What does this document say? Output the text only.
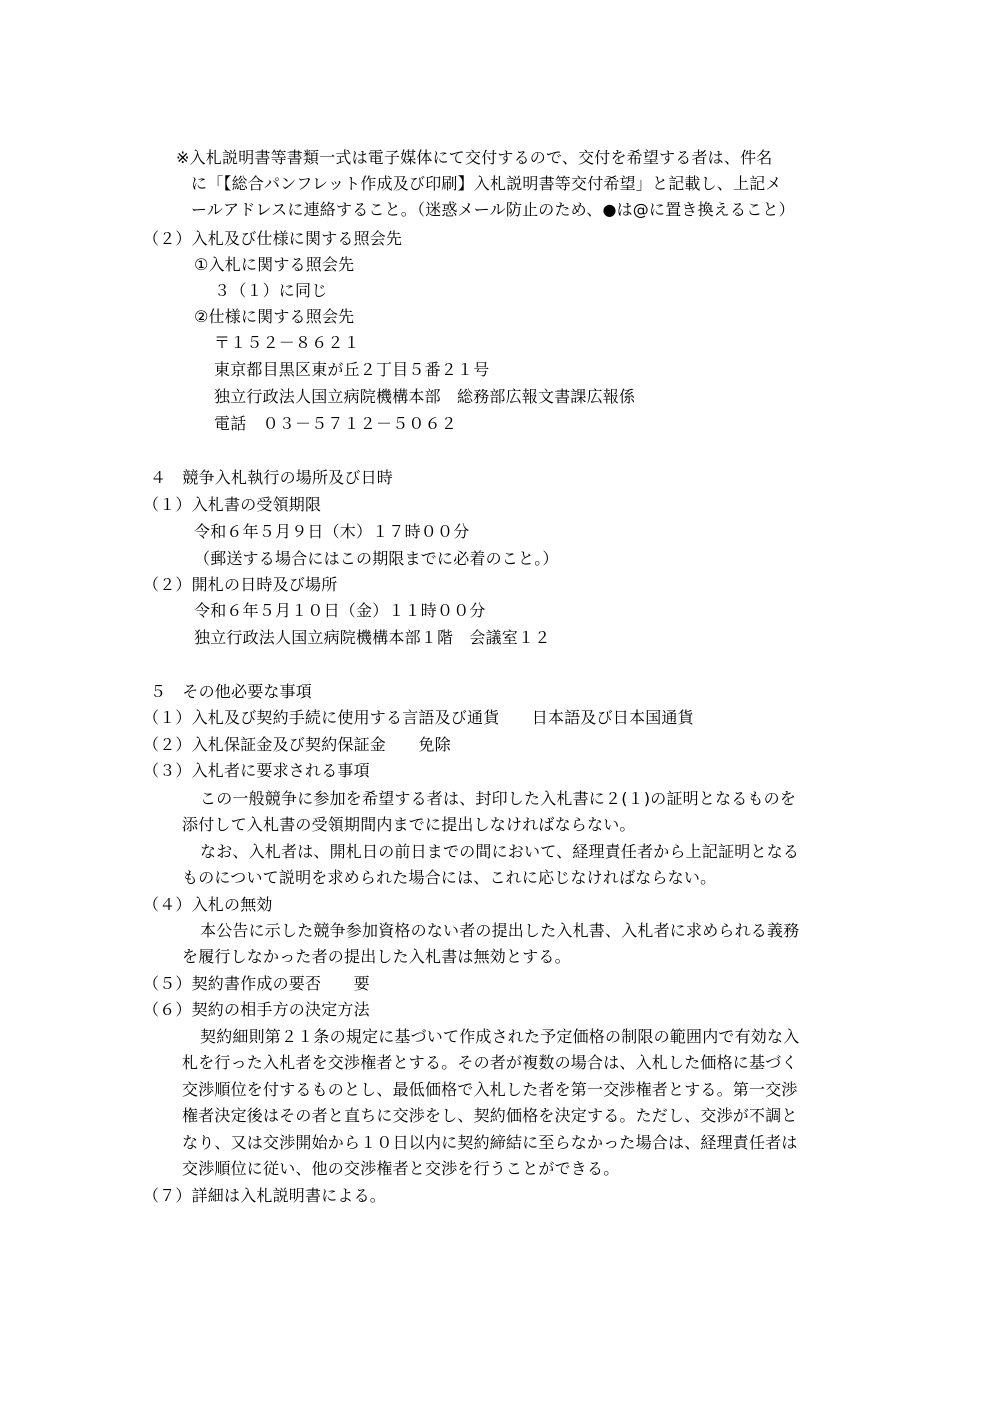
※入札説明書等書類一式は電子媒体にて交付するので、交付を希望する者は、件名
に「【総合パンフレット作成及び印刷】入札説明書等交付希望」と記載し、上記メ
ールアドレスに連絡すること。（迷惑メール防止のため、●は@に置き換えること）
（２）入札及び仕様に関する照会先
①入札に関する照会先
３（１）に同じ
②仕様に関する照会先
〒１５２－８６２１
東京都目黒区東が丘２丁目５番２１号
独立行政法人国立病院機構本部　総務部広報文書課広報係
電話　０３－５７１２－５０６２
４　競争入札執行の場所及び日時
（１）入札書の受領期限
令和６年５月９日（木）１７時００分
（郵送する場合にはこの期限までに必着のこと。）
（２）開札の日時及び場所
令和６年５月１０日（金）１１時００分
独立行政法人国立病院機構本部１階　会議室１２
５　その他必要な事項
（１）入札及び契約手続に使用する言語及び通貨　　日本語及び日本国通貨
（２）入札保証金及び契約保証金　　免除
（３）入札者に要求される事項
この一般競争に参加を希望する者は、封印した入札書に２(１)の証明となるものを
添付して入札書の受領期間内までに提出しなければならない。
なお、入札者は、開札日の前日までの間において、経理責任者から上記証明となる
ものについて説明を求められた場合には、これに応じなければならない。
（４）入札の無効
本公告に示した競争参加資格のない者の提出した入札書、入札者に求められる義務
を履行しなかった者の提出した入札書は無効とする。
（５）契約書作成の要否　　要
（６）契約の相手方の決定方法
契約細則第２１条の規定に基づいて作成された予定価格の制限の範囲内で有効な入
札を行った入札者を交渉権者とする。その者が複数の場合は、入札した価格に基づく
交渉順位を付するものとし、最低価格で入札した者を第一交渉権者とする。第一交渉
権者決定後はその者と直ちに交渉をし、契約価格を決定する。ただし、交渉が不調と
なり、又は交渉開始から１０日以内に契約締結に至らなかった場合は、経理責任者は
交渉順位に従い、他の交渉権者と交渉を行うことができる。
（７）詳細は入札説明書による。
